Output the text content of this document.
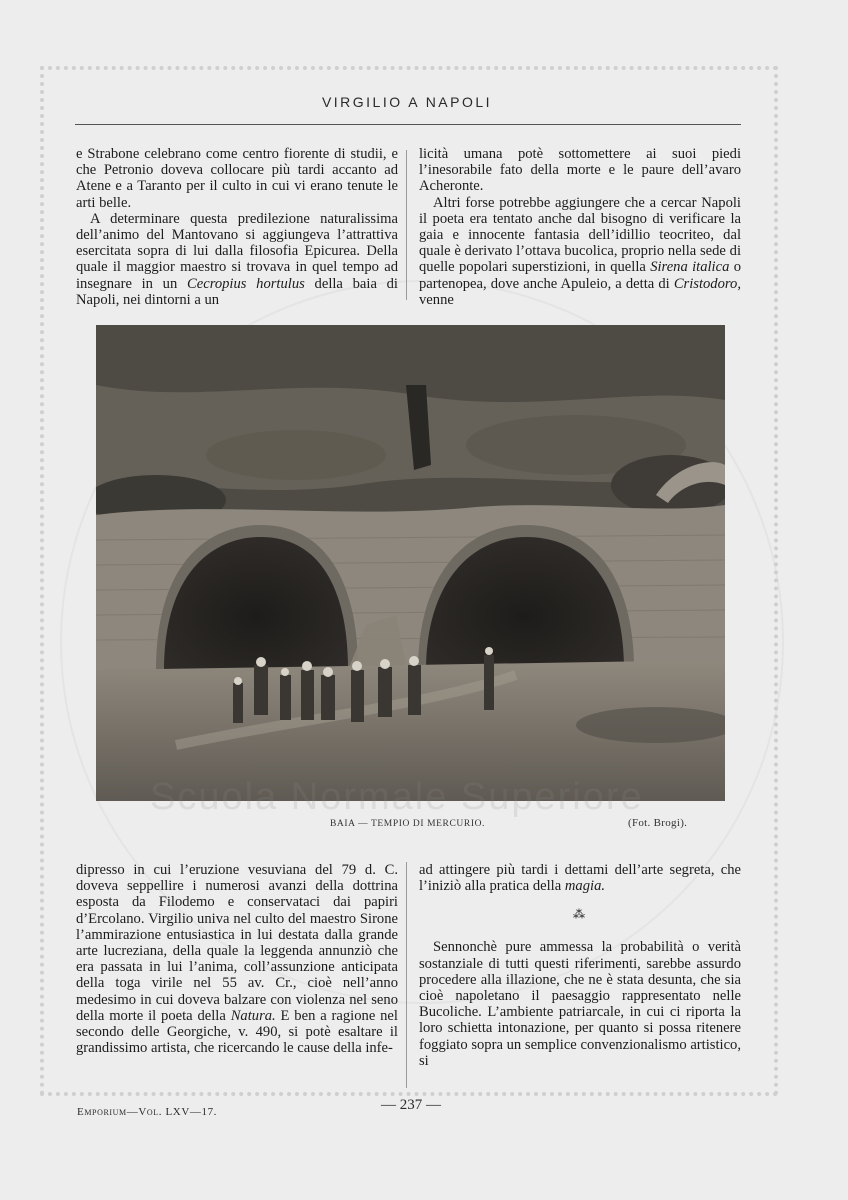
VIRGILIO A NAPOLI

e Strabone celebrano come centro fiorente di studii, e che Petronio doveva collocare più tardi accanto ad Atene e a Taranto per il culto in cui vi erano tenute le arti belle.

A determinare questa predilezione naturalissima dell’animo del Mantovano si aggiungeva l’attrattiva esercitata sopra di lui dalla filosofia Epicurea. Della quale il maggior maestro si trovava in quel tempo ad insegnare in un Cecropius hortulus della baia di Napoli, nei dintorni a un

licità umana potè sottomettere ai suoi piedi l’inesorabile fato della morte e le paure dell’avaro Acheronte.

Altri forse potrebbe aggiungere che a cercar Napoli il poeta era tentato anche dal bisogno di verificare la gaia e innocente fantasia dell’idillio teocriteo, dal quale è derivato l’ottava bucolica, proprio nella sede di quelle popolari superstizioni, in quella Sirena italica o partenopea, dove anche Apuleio, a detta di Cristodoro, venne

Scuola Normale Superiore
BAIA — TEMPIO DI MERCURIO.	(Fot. Brogi).

dipresso in cui l’eruzione vesuviana del 79 d. C. doveva seppellire i numerosi avanzi della dottrina esposta da Filodemo e conservataci dai papiri d’Ercolano. Virgilio univa nel culto del maestro Sirone l’ammirazione entusiastica in lui destata dalla grande arte lucreziana, della quale la leggenda annunziò che era passata in lui l’anima, coll’assunzione anticipata della toga virile nel 55 av. Cr., cioè nell’anno medesimo in cui doveva balzare con violenza nel seno della morte il poeta della Natura. E ben a ragione nel secondo delle Georgiche, v. 490, si potè esaltare il grandissimo artista, che ricercando le cause della infe-

ad attingere più tardi i dettami dell’arte segreta, che l’iniziò alla pratica della magia.

⁂

Sennonchè pure ammessa la probabilità o verità sostanziale di tutti questi riferimenti, sarebbe assurdo procedere alla illazione, che ne è stata desunta, che sia cioè napoletano il paesaggio rappresentato nelle Bucoliche. L’ambiente patriarcale, in cui ci riporta la loro schietta intonazione, per quanto si possa ritenere foggiato sopra un semplice convenzionalismo artistico, si

Emporium—Vol. LXV—17.	— 237 —
